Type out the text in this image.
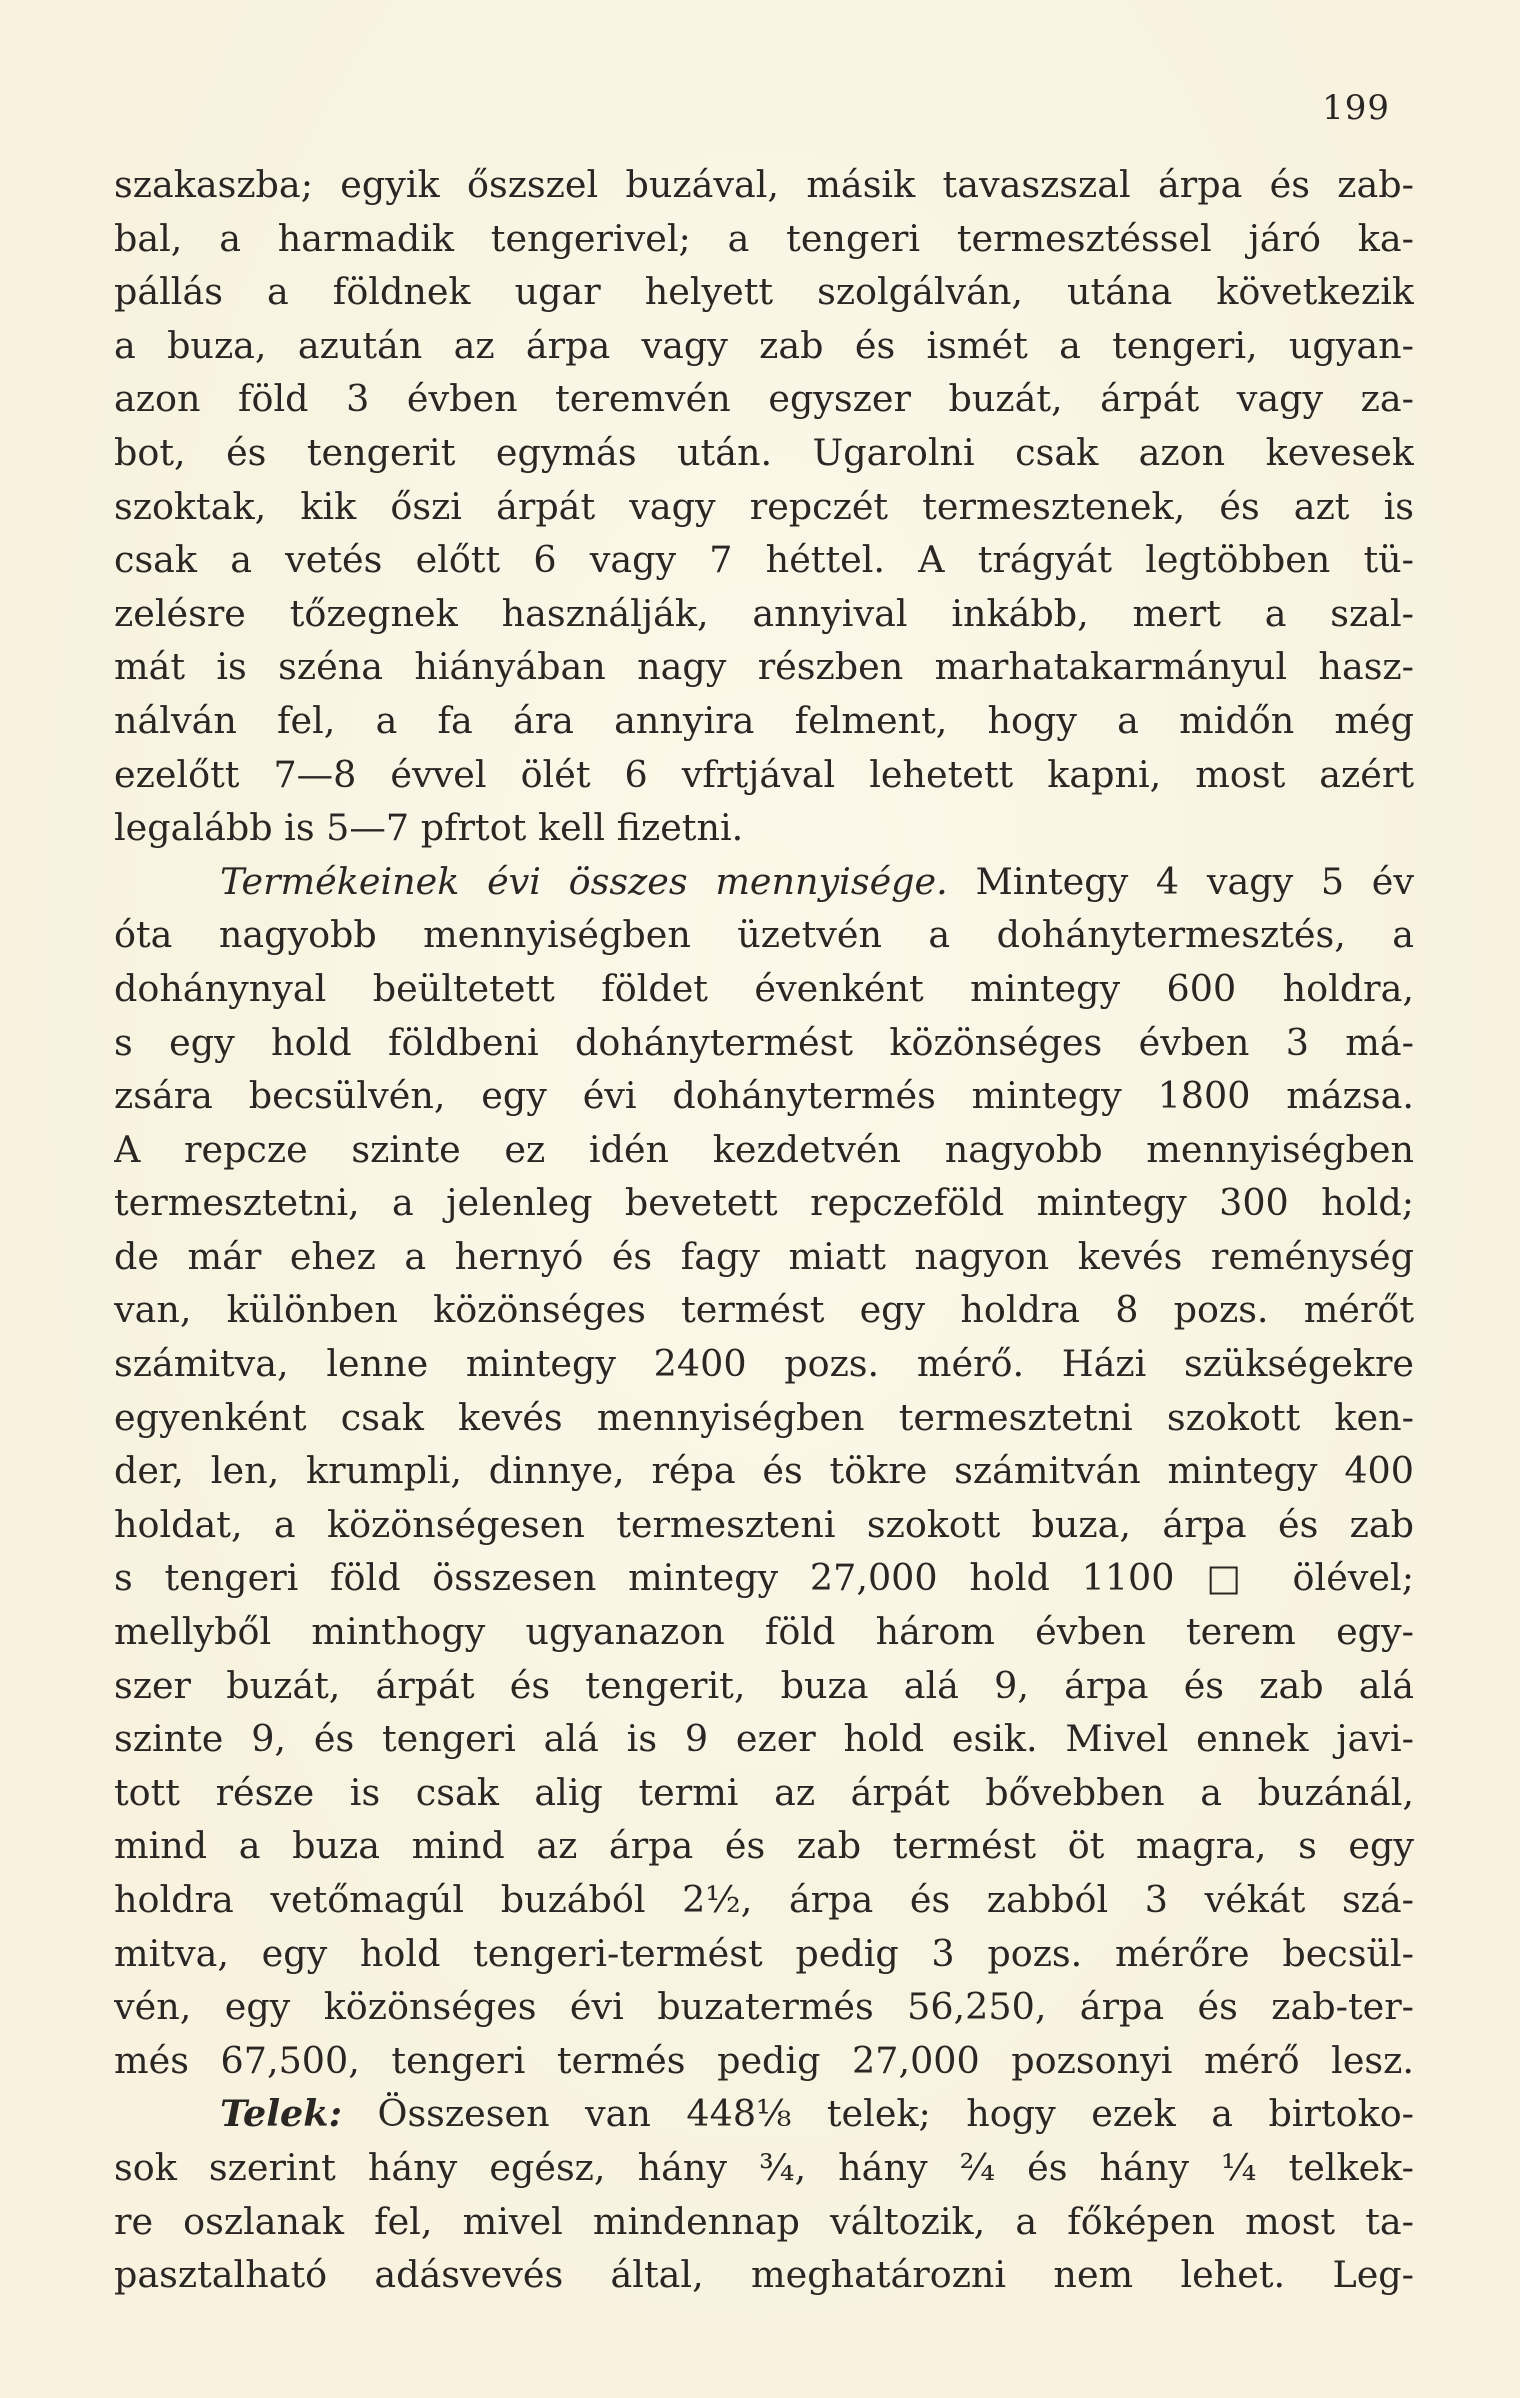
199
szakaszba; egyik őszszel buzával, másik tavaszszal árpa és zab-
bal, a harmadik tengerivel; a tengeri termesztéssel járó ka-
pállás a földnek ugar helyett szolgálván, utána következik
a buza, azután az árpa vagy zab és ismét a tengeri, ugyan-
azon föld 3 évben teremvén egyszer buzát, árpát vagy za-
bot, és tengerit egymás után. Ugarolni csak azon kevesek
szoktak, kik őszi árpát vagy repczét termesztenek, és azt is
csak a vetés előtt 6 vagy 7 héttel. A trágyát legtöbben tü-
zelésre tőzegnek használják, annyival inkább, mert a szal-
mát is széna hiányában nagy részben marhatakarmányul hasz-
nálván fel, a fa ára annyira felment, hogy a midőn még
ezelőtt 7—8 évvel ölét 6 vfrtjával lehetett kapni, most azért
legalább is 5—7 pfrtot kell fizetni.
Termékeinek évi összes mennyisége. Mintegy 4 vagy 5 év
óta nagyobb mennyiségben üzetvén a dohánytermesztés, a
dohánynyal beültetett földet évenként mintegy 600 holdra,
s egy hold földbeni dohánytermést közönséges évben 3 má-
zsára becsülvén, egy évi dohánytermés mintegy 1800 mázsa.
A repcze szinte ez idén kezdetvén nagyobb mennyiségben
termesztetni, a jelenleg bevetett repczeföld mintegy 300 hold;
de már ehez a hernyó és fagy miatt nagyon kevés reménység
van, különben közönséges termést egy holdra 8 pozs. mérőt
számitva, lenne mintegy 2400 pozs. mérő. Házi szükségekre
egyenként csak kevés mennyiségben termesztetni szokott ken-
der, len, krumpli, dinnye, répa és tökre számitván mintegy 400
holdat, a közönségesen termeszteni szokott buza, árpa és zab
s tengeri föld összesen mintegy 27,000 hold 1100 □ ölével;
mellyből minthogy ugyanazon föld három évben terem egy-
szer buzát, árpát és tengerit, buza alá 9, árpa és zab alá
szinte 9, és tengeri alá is 9 ezer hold esik. Mivel ennek javi-
tott része is csak alig termi az árpát bővebben a buzánál,
mind a buza mind az árpa és zab termést öt magra, s egy
holdra vetőmagúl buzából 2½, árpa és zabból 3 vékát szá-
mitva, egy hold tengeri-termést pedig 3 pozs. mérőre becsül-
vén, egy közönséges évi buzatermés 56,250, árpa és zab-ter-
més 67,500, tengeri termés pedig 27,000 pozsonyi mérő lesz.
Telek: Összesen van 448⅛ telek; hogy ezek a birtoko-
sok szerint hány egész, hány ¾, hány ²⁄₄ és hány ¼ telkek-
re oszlanak fel, mivel mindennap változik, a főképen most ta-
pasztalható adásvevés által, meghatározni nem lehet. Leg-
